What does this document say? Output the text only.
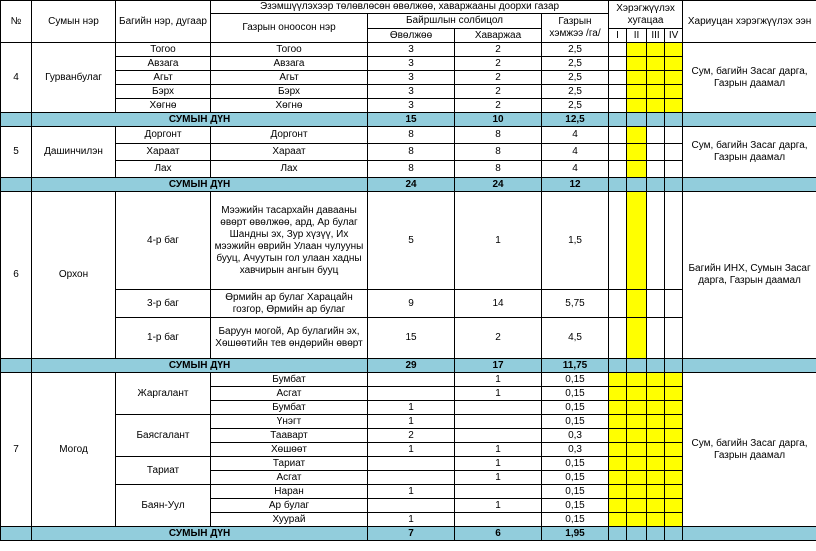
№	Сумын нэр	Багийн нэр, дугаар	Эзэмшүүлэхээр төлөвлөсөн өвөлжөө, хаваржааны доорхи газар				Хэрэгжүүлэх хугацаа				Хариуцан хэрэгжүүлэх ээн
			Газрын оноосон нэр	Байршлын солбицол		Газрын хэмжээ /га/					
				Өвөлжөө	Хаваржаа		I	II	III	IV	
4	Гурванбулаг	Тогоо	Тогоо	3	2	2,5					Сум, багийн Засаг дарга, Газрын даамал
		Авзага	Авзага	3	2	2,5					
		Агьт	Агьт	3	2	2,5					
		Бэрх	Бэрх	3	2	2,5					
		Хөгнө	Хөгнө	3	2	2,5					
	СУМЫН ДҮН			15	10	12,5					
5	Дашинчилэн	Доргонт	Доргонт	8	8	4					Сум, багийн Засаг дарга, Газрын даамал
		Хараат	Хараат	8	8	4					
		Лах	Лах	8	8	4					
	СУМЫН ДҮН			24	24	12					
6	Орхон	4-р баг	Мээжийн тасархайн давааны өвөрт өвөлжөө, ард, Ар булаг Шандны эх, Зур хүзүү, Их мээжийн өврийн Улаан чулууны бууц, Ачуутын гол улаан хадны хавчирын ангын бууц	5	1	1,5					Багийн ИНХ, Сумын Засаг дарга, Газрын даамал
		3-р баг	Өрмийн ар булаг Харацайн гозгор, Өрмийн ар булаг	9	14	5,75					
		1-р баг	Баруун могой, Ар булагийн эх, Хөшөөтийн тев өндөрийн өвөрт	15	2	4,5					
	СУМЫН ДҮН			29	17	11,75					
7	Могод	Жаргалант	Бумбат		1	0,15					Сум, багийн Засаг дарга, Газрын даамал
			Асгат		1	0,15					
			Бумбат	1		0,15					
		Баясгалант	Үнэгт	1		0,15					
			Тааварт	2		0,3					
			Хөшөөт	1	1	0,3					
		Тариат	Тариат		1	0,15					
			Асгат		1	0,15					
		Баян-Уул	Наран	1		0,15					
			Ар булаг		1	0,15					
			Хуурай	1		0,15					
	СУМЫН ДҮН			7	6	1,95					
